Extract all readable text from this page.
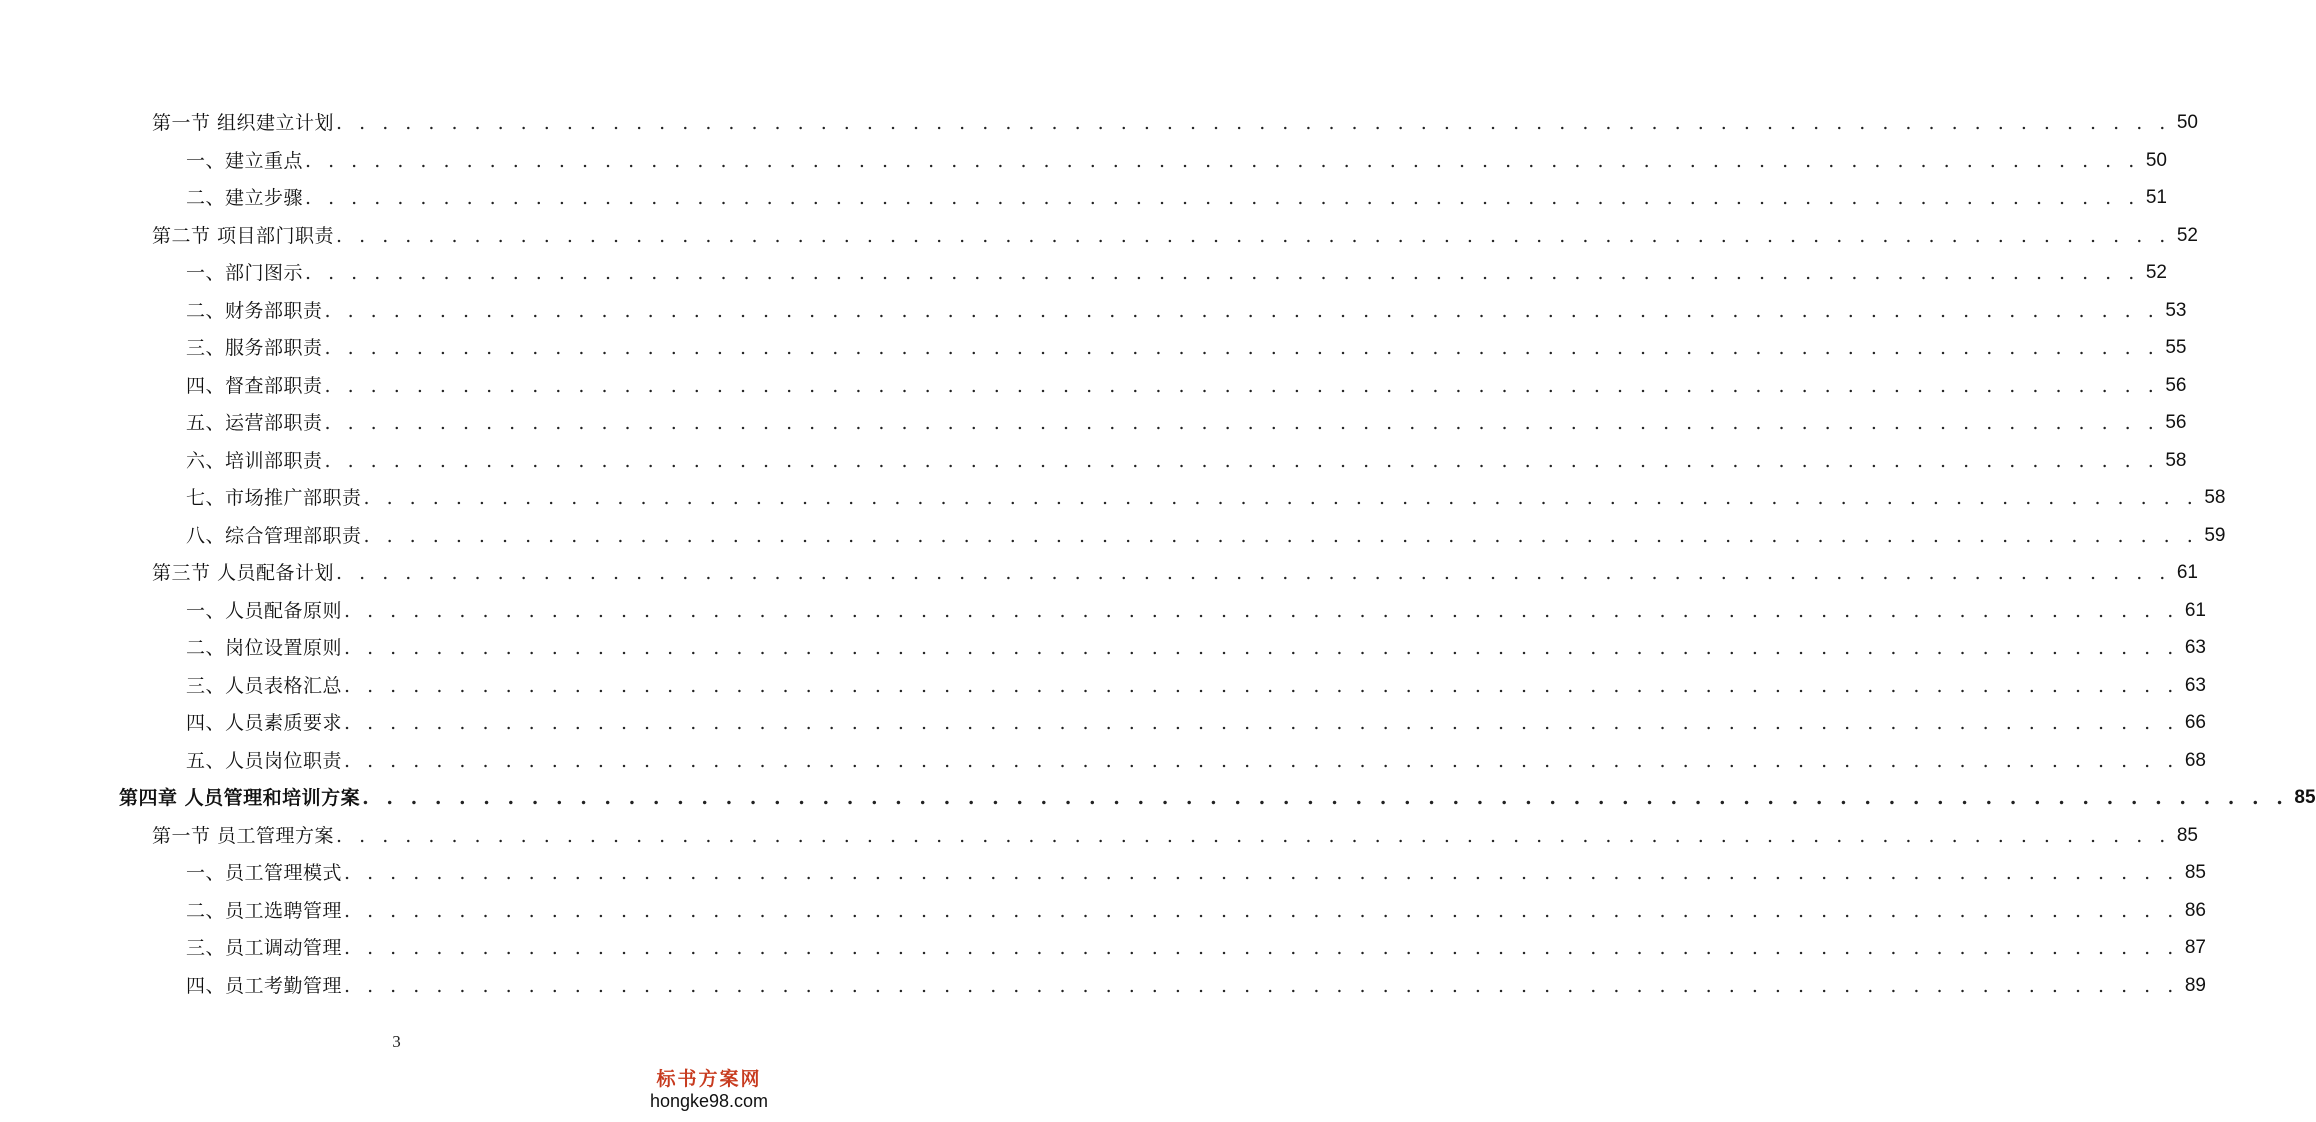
第一节 组织建立计划 . . . . . . . . . . . . . . . . . . . . . . . . . . . . . . . . . . . . . . . . . . . . . . . . . . . . . . . . . . . . . . . . . . . . . . . . . . . . . . . . 50
一、建立重点 . . . . . . . . . . . . . . . . . . . . . . . . . . . . . . . . . . . . . . . . . . . . . . . . . . . . . . . . . . . . . . . . . . . . . . . . . . . . . . . . 50
二、建立步骤 . . . . . . . . . . . . . . . . . . . . . . . . . . . . . . . . . . . . . . . . . . . . . . . . . . . . . . . . . . . . . . . . . . . . . . . . . . . . . . . . 51
第二节 项目部门职责 . . . . . . . . . . . . . . . . . . . . . . . . . . . . . . . . . . . . . . . . . . . . . . . . . . . . . . . . . . . . . . . . . . . . . . . . . . . . . . . . 52
一、部门图示 . . . . . . . . . . . . . . . . . . . . . . . . . . . . . . . . . . . . . . . . . . . . . . . . . . . . . . . . . . . . . . . . . . . . . . . . . . . . . . . . 52
二、财务部职责 . . . . . . . . . . . . . . . . . . . . . . . . . . . . . . . . . . . . . . . . . . . . . . . . . . . . . . . . . . . . . . . . . . . . . . . . . . . . . . . . 53
三、服务部职责 . . . . . . . . . . . . . . . . . . . . . . . . . . . . . . . . . . . . . . . . . . . . . . . . . . . . . . . . . . . . . . . . . . . . . . . . . . . . . . . . 55
四、督查部职责 . . . . . . . . . . . . . . . . . . . . . . . . . . . . . . . . . . . . . . . . . . . . . . . . . . . . . . . . . . . . . . . . . . . . . . . . . . . . . . . . 56
五、运营部职责 . . . . . . . . . . . . . . . . . . . . . . . . . . . . . . . . . . . . . . . . . . . . . . . . . . . . . . . . . . . . . . . . . . . . . . . . . . . . . . . . 56
六、培训部职责 . . . . . . . . . . . . . . . . . . . . . . . . . . . . . . . . . . . . . . . . . . . . . . . . . . . . . . . . . . . . . . . . . . . . . . . . . . . . . . . . 58
七、市场推广部职责 . . . . . . . . . . . . . . . . . . . . . . . . . . . . . . . . . . . . . . . . . . . . . . . . . . . . . . . . . . . . . . . . . . . . . . . . . . . . . . . . 58
八、综合管理部职责 . . . . . . . . . . . . . . . . . . . . . . . . . . . . . . . . . . . . . . . . . . . . . . . . . . . . . . . . . . . . . . . . . . . . . . . . . . . . . . . . 59
第三节 人员配备计划 . . . . . . . . . . . . . . . . . . . . . . . . . . . . . . . . . . . . . . . . . . . . . . . . . . . . . . . . . . . . . . . . . . . . . . . . . . . . . . . . 61
一、人员配备原则 . . . . . . . . . . . . . . . . . . . . . . . . . . . . . . . . . . . . . . . . . . . . . . . . . . . . . . . . . . . . . . . . . . . . . . . . . . . . . . . . 61
二、岗位设置原则 . . . . . . . . . . . . . . . . . . . . . . . . . . . . . . . . . . . . . . . . . . . . . . . . . . . . . . . . . . . . . . . . . . . . . . . . . . . . . . . . 63
三、人员表格汇总 . . . . . . . . . . . . . . . . . . . . . . . . . . . . . . . . . . . . . . . . . . . . . . . . . . . . . . . . . . . . . . . . . . . . . . . . . . . . . . . . 63
四、人员素质要求 . . . . . . . . . . . . . . . . . . . . . . . . . . . . . . . . . . . . . . . . . . . . . . . . . . . . . . . . . . . . . . . . . . . . . . . . . . . . . . . . 66
五、人员岗位职责 . . . . . . . . . . . . . . . . . . . . . . . . . . . . . . . . . . . . . . . . . . . . . . . . . . . . . . . . . . . . . . . . . . . . . . . . . . . . . . . . 68
第四章 人员管理和培训方案 . . . . . . . . . . . . . . . . . . . . . . . . . . . . . . . . . . . . . . . . . . . . . . . . . . . . . . . . . . . . . . . . . . . . . . . . . . . . . . . . 85
第一节 员工管理方案 . . . . . . . . . . . . . . . . . . . . . . . . . . . . . . . . . . . . . . . . . . . . . . . . . . . . . . . . . . . . . . . . . . . . . . . . . . . . . . . . 85
一、员工管理模式 . . . . . . . . . . . . . . . . . . . . . . . . . . . . . . . . . . . . . . . . . . . . . . . . . . . . . . . . . . . . . . . . . . . . . . . . . . . . . . . . 85
二、员工选聘管理 . . . . . . . . . . . . . . . . . . . . . . . . . . . . . . . . . . . . . . . . . . . . . . . . . . . . . . . . . . . . . . . . . . . . . . . . . . . . . . . . 86
三、员工调动管理 . . . . . . . . . . . . . . . . . . . . . . . . . . . . . . . . . . . . . . . . . . . . . . . . . . . . . . . . . . . . . . . . . . . . . . . . . . . . . . . . 87
四、员工考勤管理 . . . . . . . . . . . . . . . . . . . . . . . . . . . . . . . . . . . . . . . . . . . . . . . . . . . . . . . . . . . . . . . . . . . . . . . . . . . . . . . . 89
3
标书方案网
hongke98.com
